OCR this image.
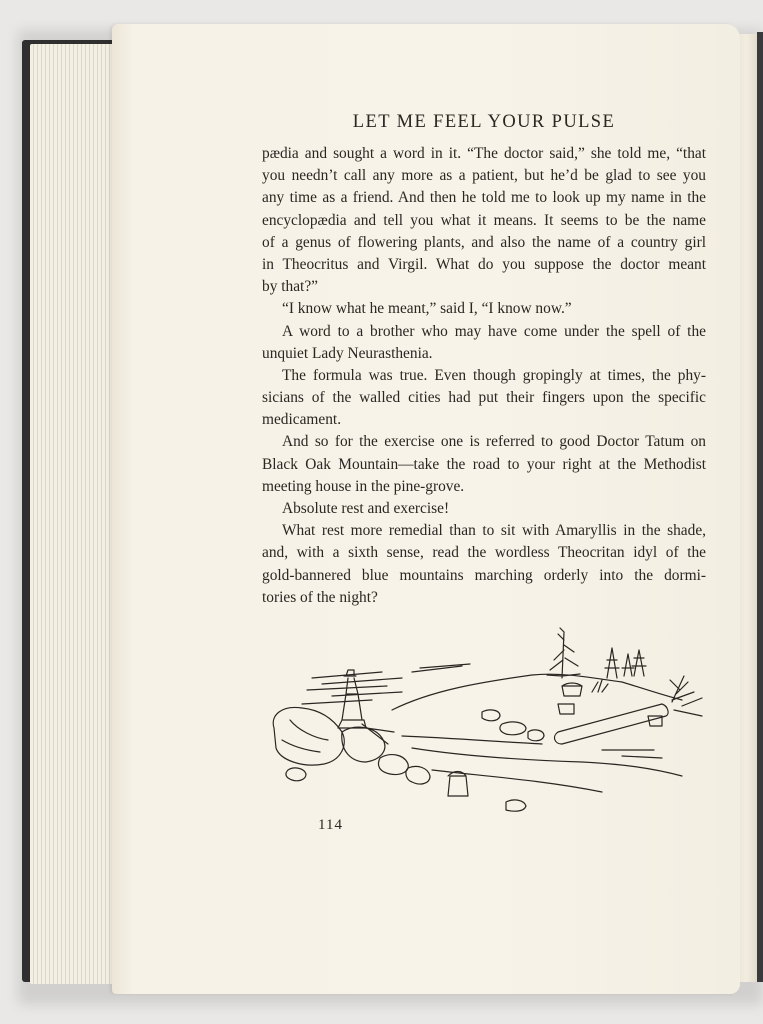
LET ME FEEL YOUR PULSE
pædia and sought a word in it. “The doctor said,” she told me, “that
you needn’t call any more as a patient, but he’d be glad to see you
any time as a friend. And then he told me to look up my name in the
encyclopædia and tell you what it means. It seems to be the name
of a genus of flowering plants, and also the name of a country girl
in Theocritus and Virgil. What do you suppose the doctor meant
by that?”
“I know what he meant,” said I, “I know now.”
A word to a brother who may have come under the spell of the
unquiet Lady Neurasthenia.
The formula was true. Even though gropingly at times, the phy-
sicians of the walled cities had put their fingers upon the specific
medicament.
And so for the exercise one is referred to good Doctor Tatum on
Black Oak Mountain—take the road to your right at the Methodist
meeting house in the pine-grove.
Absolute rest and exercise!
What rest more remedial than to sit with Amaryllis in the shade,
and, with a sixth sense, read the wordless Theocritan idyl of the
gold-bannered blue mountains marching orderly into the dormi-
tories of the night?
114
